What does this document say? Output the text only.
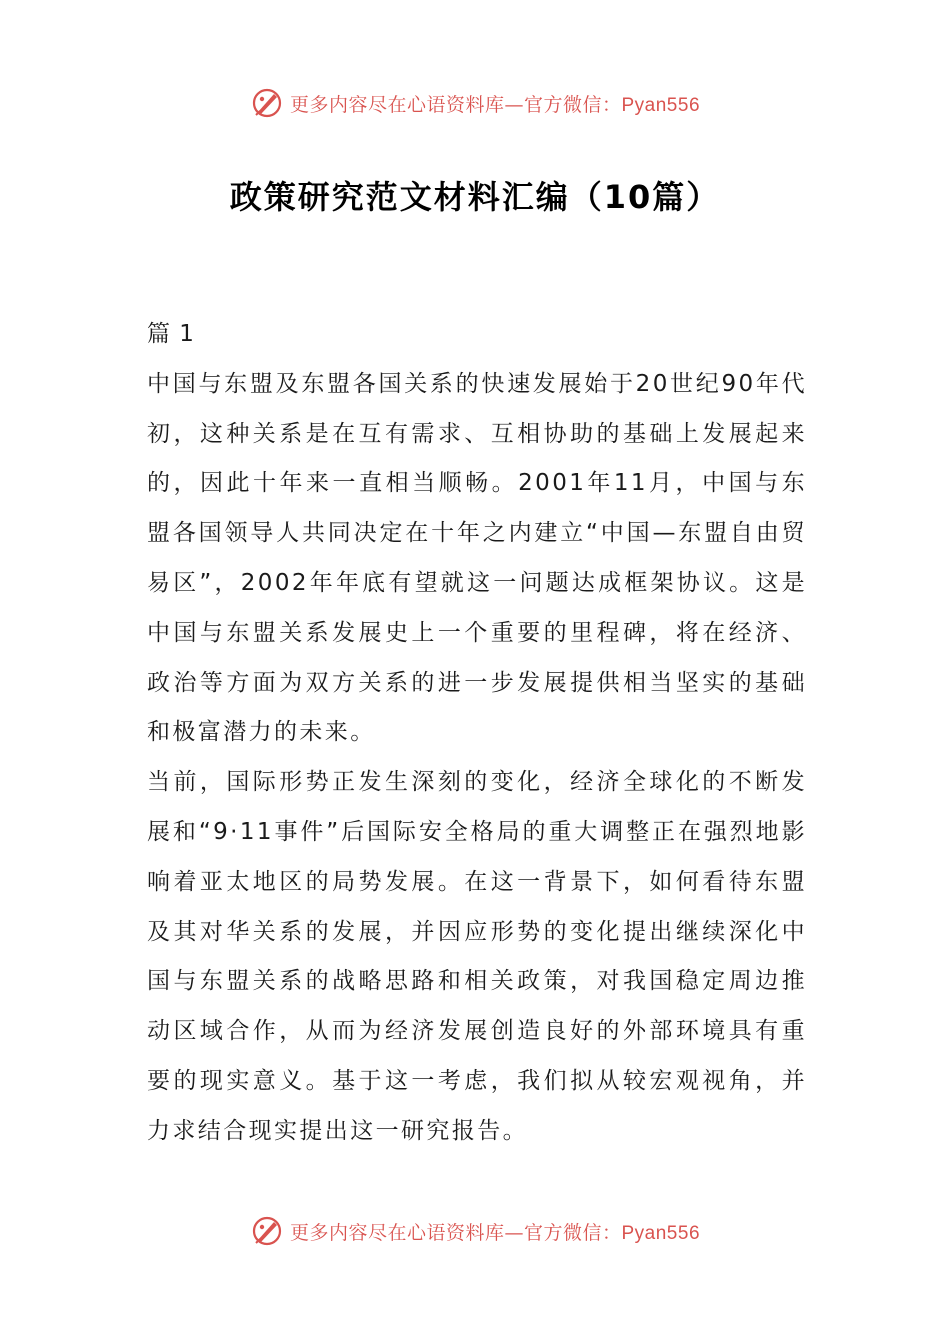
更多内容尽在心语资料库—官方微信：Pyan556
政策研究范文材料汇编（10篇）

篇 1

中国与东盟及东盟各国关系的快速发展始于20世纪90年代初，这种关系是在互有需求、互相协助的基础上发展起来的，因此十年来一直相当顺畅。2001年11月，中国与东盟各国领导人共同决定在十年之内建立“中国—东盟自由贸易区”，2002年年底有望就这一问题达成框架协议。这是中国与东盟关系发展史上一个重要的里程碑，将在经济、政治等方面为双方关系的进一步发展提供相当坚实的基础和极富潜力的未来。

当前，国际形势正发生深刻的变化，经济全球化的不断发展和“9·11事件”后国际安全格局的重大调整正在强烈地影响着亚太地区的局势发展。在这一背景下，如何看待东盟及其对华关系的发展，并因应形势的变化提出继续深化中国与东盟关系的战略思路和相关政策，对我国稳定周边推动区域合作，从而为经济发展创造良好的外部环境具有重要的现实意义。基于这一考虑，我们拟从较宏观视角，并力求结合现实提出这一研究报告。

更多内容尽在心语资料库—官方微信：Pyan556
